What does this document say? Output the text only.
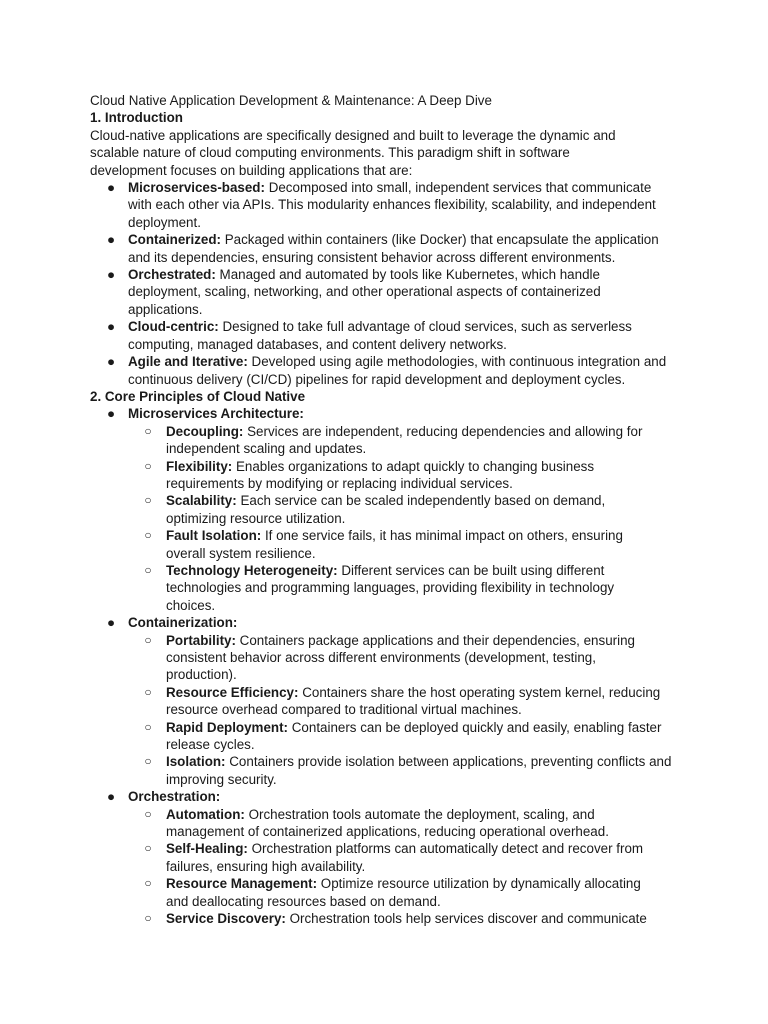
Cloud Native Application Development & Maintenance: A Deep Dive

1. Introduction

Cloud-native applications are specifically designed and built to leverage the dynamic and scalable nature of cloud computing environments. This paradigm shift in software development focuses on building applications that are:

● Microservices-based: Decomposed into small, independent services that communicate with each other via APIs. This modularity enhances flexibility, scalability, and independent deployment.
● Containerized: Packaged within containers (like Docker) that encapsulate the application and its dependencies, ensuring consistent behavior across different environments.
● Orchestrated: Managed and automated by tools like Kubernetes, which handle deployment, scaling, networking, and other operational aspects of containerized applications.
● Cloud-centric: Designed to take full advantage of cloud services, such as serverless computing, managed databases, and content delivery networks.
● Agile and Iterative: Developed using agile methodologies, with continuous integration and continuous delivery (CI/CD) pipelines for rapid development and deployment cycles.
2. Core Principles of Cloud Native
● Microservices Architecture:
○ Decoupling: Services are independent, reducing dependencies and allowing for independent scaling and updates.
○ Flexibility: Enables organizations to adapt quickly to changing business requirements by modifying or replacing individual services.
○ Scalability: Each service can be scaled independently based on demand, optimizing resource utilization.
○ Fault Isolation: If one service fails, it has minimal impact on others, ensuring overall system resilience.
○ Technology Heterogeneity: Different services can be built using different technologies and programming languages, providing flexibility in technology choices.
● Containerization:
○ Portability: Containers package applications and their dependencies, ensuring consistent behavior across different environments (development, testing, production).
○ Resource Efficiency: Containers share the host operating system kernel, reducing resource overhead compared to traditional virtual machines.
○ Rapid Deployment: Containers can be deployed quickly and easily, enabling faster release cycles.
○ Isolation: Containers provide isolation between applications, preventing conflicts and improving security.
● Orchestration:
○ Automation: Orchestration tools automate the deployment, scaling, and management of containerized applications, reducing operational overhead.
○ Self-Healing: Orchestration platforms can automatically detect and recover from failures, ensuring high availability.
○ Resource Management: Optimize resource utilization by dynamically allocating and deallocating resources based on demand.
○ Service Discovery: Orchestration tools help services discover and communicate
